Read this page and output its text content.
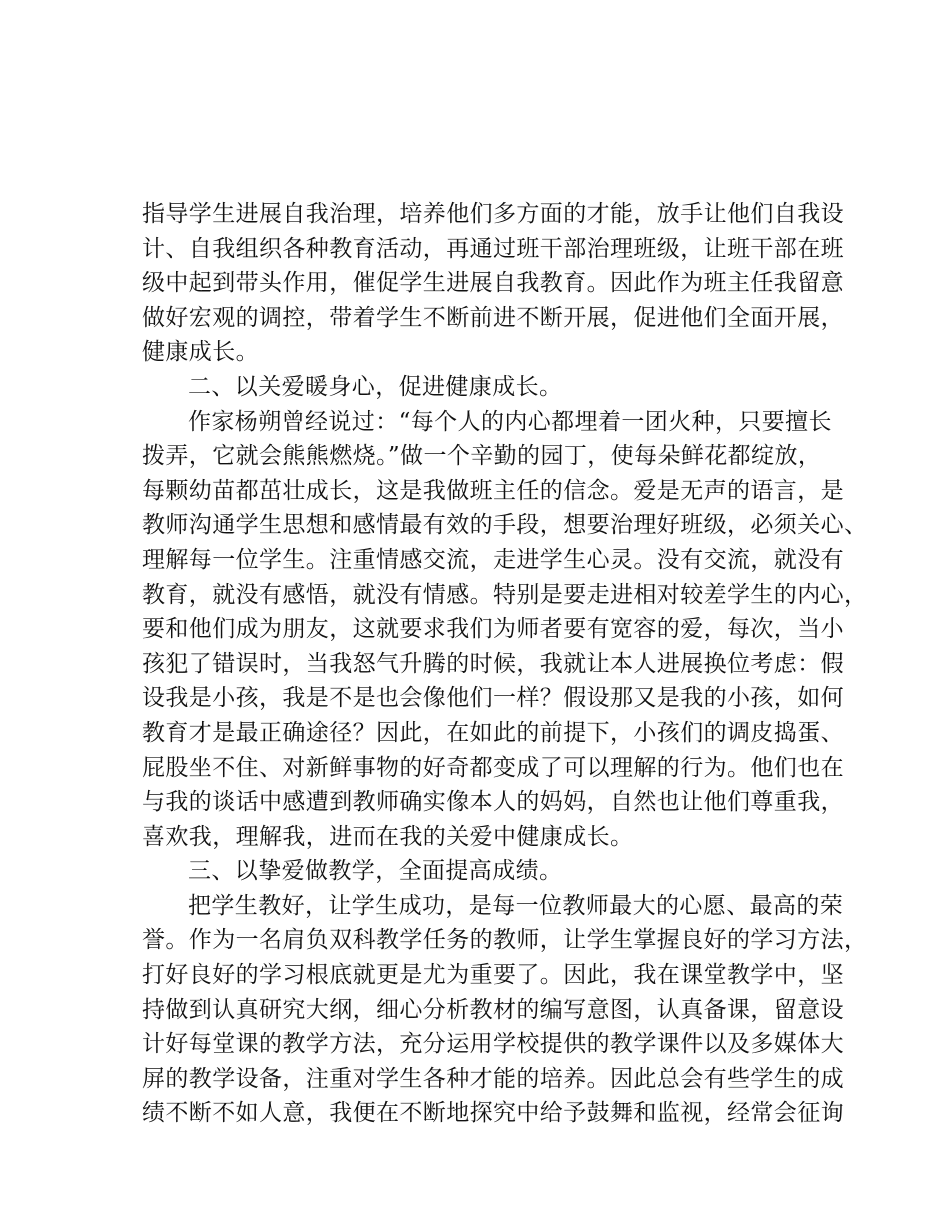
指导学生进展自我治理，培养他们多方面的才能，放手让他们自我设
计、自我组织各种教育活动，再通过班干部治理班级，让班干部在班
级中起到带头作用，催促学生进展自我教育。因此作为班主任我留意
做好宏观的调控，带着学生不断前进不断开展，促进他们全面开展，
健康成长。
二、以关爱暖身心，促进健康成长。
作家杨朔曾经说过：“每个人的内心都埋着一团火种，只要擅长
拨弄，它就会熊熊燃烧。”做一个辛勤的园丁，使每朵鲜花都绽放，
每颗幼苗都茁壮成长，这是我做班主任的信念。爱是无声的语言，是
教师沟通学生思想和感情最有效的手段，想要治理好班级，必须关心、
理解每一位学生。注重情感交流，走进学生心灵。没有交流，就没有
教育，就没有感悟，就没有情感。特别是要走进相对较差学生的内心，
要和他们成为朋友，这就要求我们为师者要有宽容的爱，每次，当小
孩犯了错误时，当我怒气升腾的时候，我就让本人进展换位考虑：假
设我是小孩，我是不是也会像他们一样？假设那又是我的小孩，如何
教育才是最正确途径？因此，在如此的前提下，小孩们的调皮捣蛋、
屁股坐不住、对新鲜事物的好奇都变成了可以理解的行为。他们也在
与我的谈话中感遭到教师确实像本人的妈妈，自然也让他们尊重我，
喜欢我，理解我，进而在我的关爱中健康成长。
三、以挚爱做教学，全面提高成绩。
把学生教好，让学生成功，是每一位教师最大的心愿、最高的荣
誉。作为一名肩负双科教学任务的教师，让学生掌握良好的学习方法，
打好良好的学习根底就更是尤为重要了。因此，我在课堂教学中，坚
持做到认真研究大纲，细心分析教材的编写意图，认真备课，留意设
计好每堂课的教学方法，充分运用学校提供的教学课件以及多媒体大
屏的教学设备，注重对学生各种才能的培养。因此总会有些学生的成
绩不断不如人意，我便在不断地探究中给予鼓舞和监视，经常会征询
